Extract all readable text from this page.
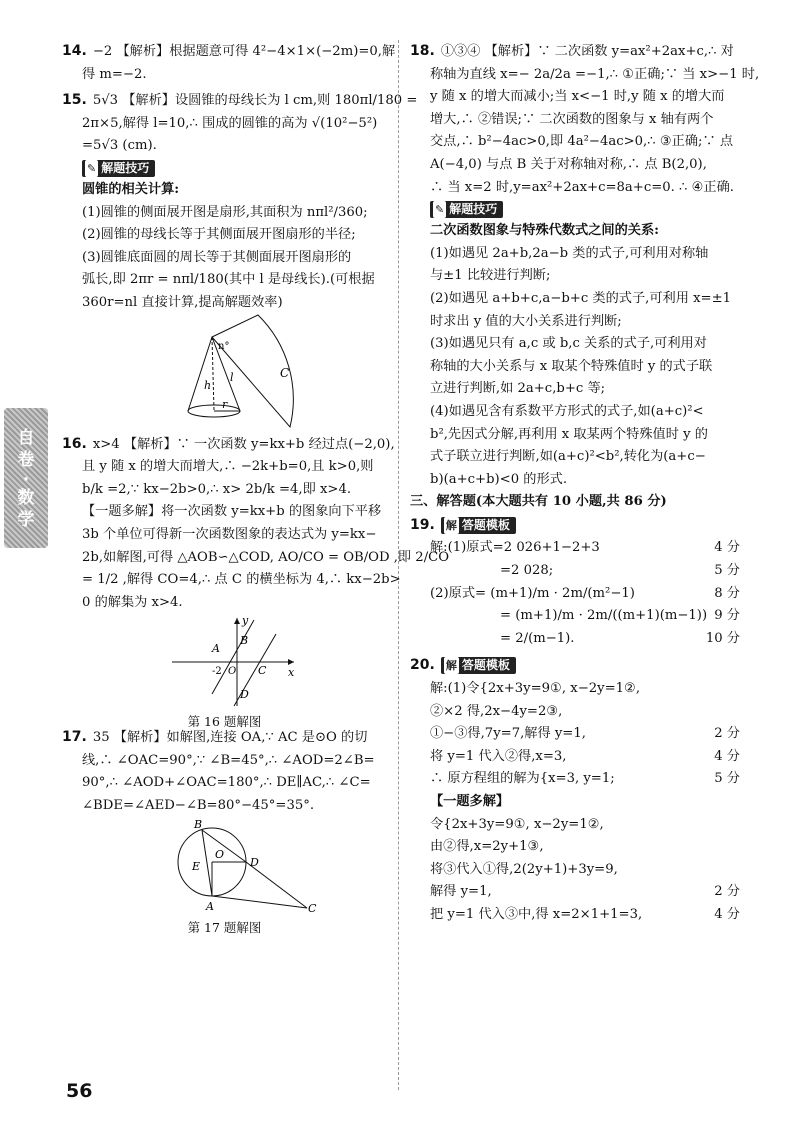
自
卷
·
数
学
14. −2 【解析】根据题意可得 4²−4×1×(−2m)=0,解
得 m=−2.
15. 5√3 【解析】设圆锥的母线长为 l cm,则 180πl/180 =
2π×5,解得 l=10,∴ 围成的圆锥的高为 √(10²−5²)
=5√3 (cm).
✎ 解题技巧
圆锥的相关计算:
(1)圆锥的侧面展开图是扇形,其面积为 nπl²/360;
(2)圆锥的母线长等于其侧面展开图扇形的半径;
(3)圆锥底面圆的周长等于其侧面展开图扇形的
弧长,即 2πr = nπl/180(其中 l 是母线长).(可根据
360r=nl 直接计算,提高解题效率)
n°
l
h
r
C
16. x>4 【解析】∵ 一次函数 y=kx+b 经过点(−2,0),
且 y 随 x 的增大而增大,∴ −2k+b=0,且 k>0,则
b/k =2,∵ kx−2b>0,∴ x> 2b/k =4,即 x>4.
【一题多解】将一次函数 y=kx+b 的图象向下平移
3b 个单位可得新一次函数图象的表达式为 y=kx−
2b,如解图,可得 △AOB∽△COD, AO/CO = OB/OD ,即 2/CO
= 1/2 ,解得 CO=4,∴ 点 C 的横坐标为 4,∴ kx−2b>
0 的解集为 x>4.
y
x
A
B
-2 O C
D
第 16 题解图
17. 35 【解析】如解图,连接 OA,∵ AC 是⊙O 的切
线,∴ ∠OAC=90°,∵ ∠B=45°,∴ ∠AOD=2∠B=
90°,∴ ∠AOD+∠OAC=180°,∴ DE∥AC,∴ ∠C=
∠BDE=∠AED−∠B=80°−45°=35°.
B
E
O
D
A	C
第 17 题解图
18. ①③④ 【解析】∵ 二次函数 y=ax²+2ax+c,∴ 对
称轴为直线 x=− 2a/2a =−1,∴ ①正确;∵ 当 x>−1 时,
y 随 x 的增大而减小;当 x<−1 时,y 随 x 的增大而
增大,∴ ②错误;∵ 二次函数的图象与 x 轴有两个
交点,∴ b²−4ac>0,即 4a²−4ac>0,∴ ③正确;∵ 点
A(−4,0) 与点 B 关于对称轴对称,∴ 点 B(2,0),
∴ 当 x=2 时,y=ax²+2ax+c=8a+c=0. ∴ ④正确.
✎ 解题技巧
二次函数图象与特殊代数式之间的关系:
(1)如遇见 2a+b,2a−b 类的式子,可利用对称轴
与±1 比较进行判断;
(2)如遇见 a+b+c,a−b+c 类的式子,可利用 x=±1
时求出 y 值的大小关系进行判断;
(3)如遇见只有 a,c 或 b,c 关系的式子,可利用对
称轴的大小关系与 x 取某个特殊值时 y 的式子联
立进行判断,如 2a+c,b+c 等;
(4)如遇见含有系数平方形式的式子,如(a+c)²<
b²,先因式分解,再利用 x 取某两个特殊值时 y 的
式子联立进行判断,如(a+c)²<b²,转化为(a+c−
b)(a+c+b)<0 的形式.
三、解答题(本大题共有 10 小题,共 86 分)
19. 解 答题模板
解:(1)原式=2 026+1−2+3	4 分
=2 028;	5 分
(2)原式= (m+1)/m · 2m/(m²−1)	8 分
= (m+1)/m · 2m/((m+1)(m−1)) 9 分
= 2/(m−1).	10 分
20. 解 答题模板
解:(1)令{2x+3y=9①, x−2y=1②,
②×2 得,2x−4y=2③,
①−③得,7y=7,解得 y=1,	2 分
将 y=1 代入②得,x=3,	4 分
∴ 原方程组的解为{x=3, y=1;	5 分
【一题多解】
令{2x+3y=9①, x−2y=1②,
由②得,x=2y+1③,
将③代入①得,2(2y+1)+3y=9,
解得 y=1,	2 分
把 y=1 代入③中,得 x=2×1+1=3,	4 分
56
